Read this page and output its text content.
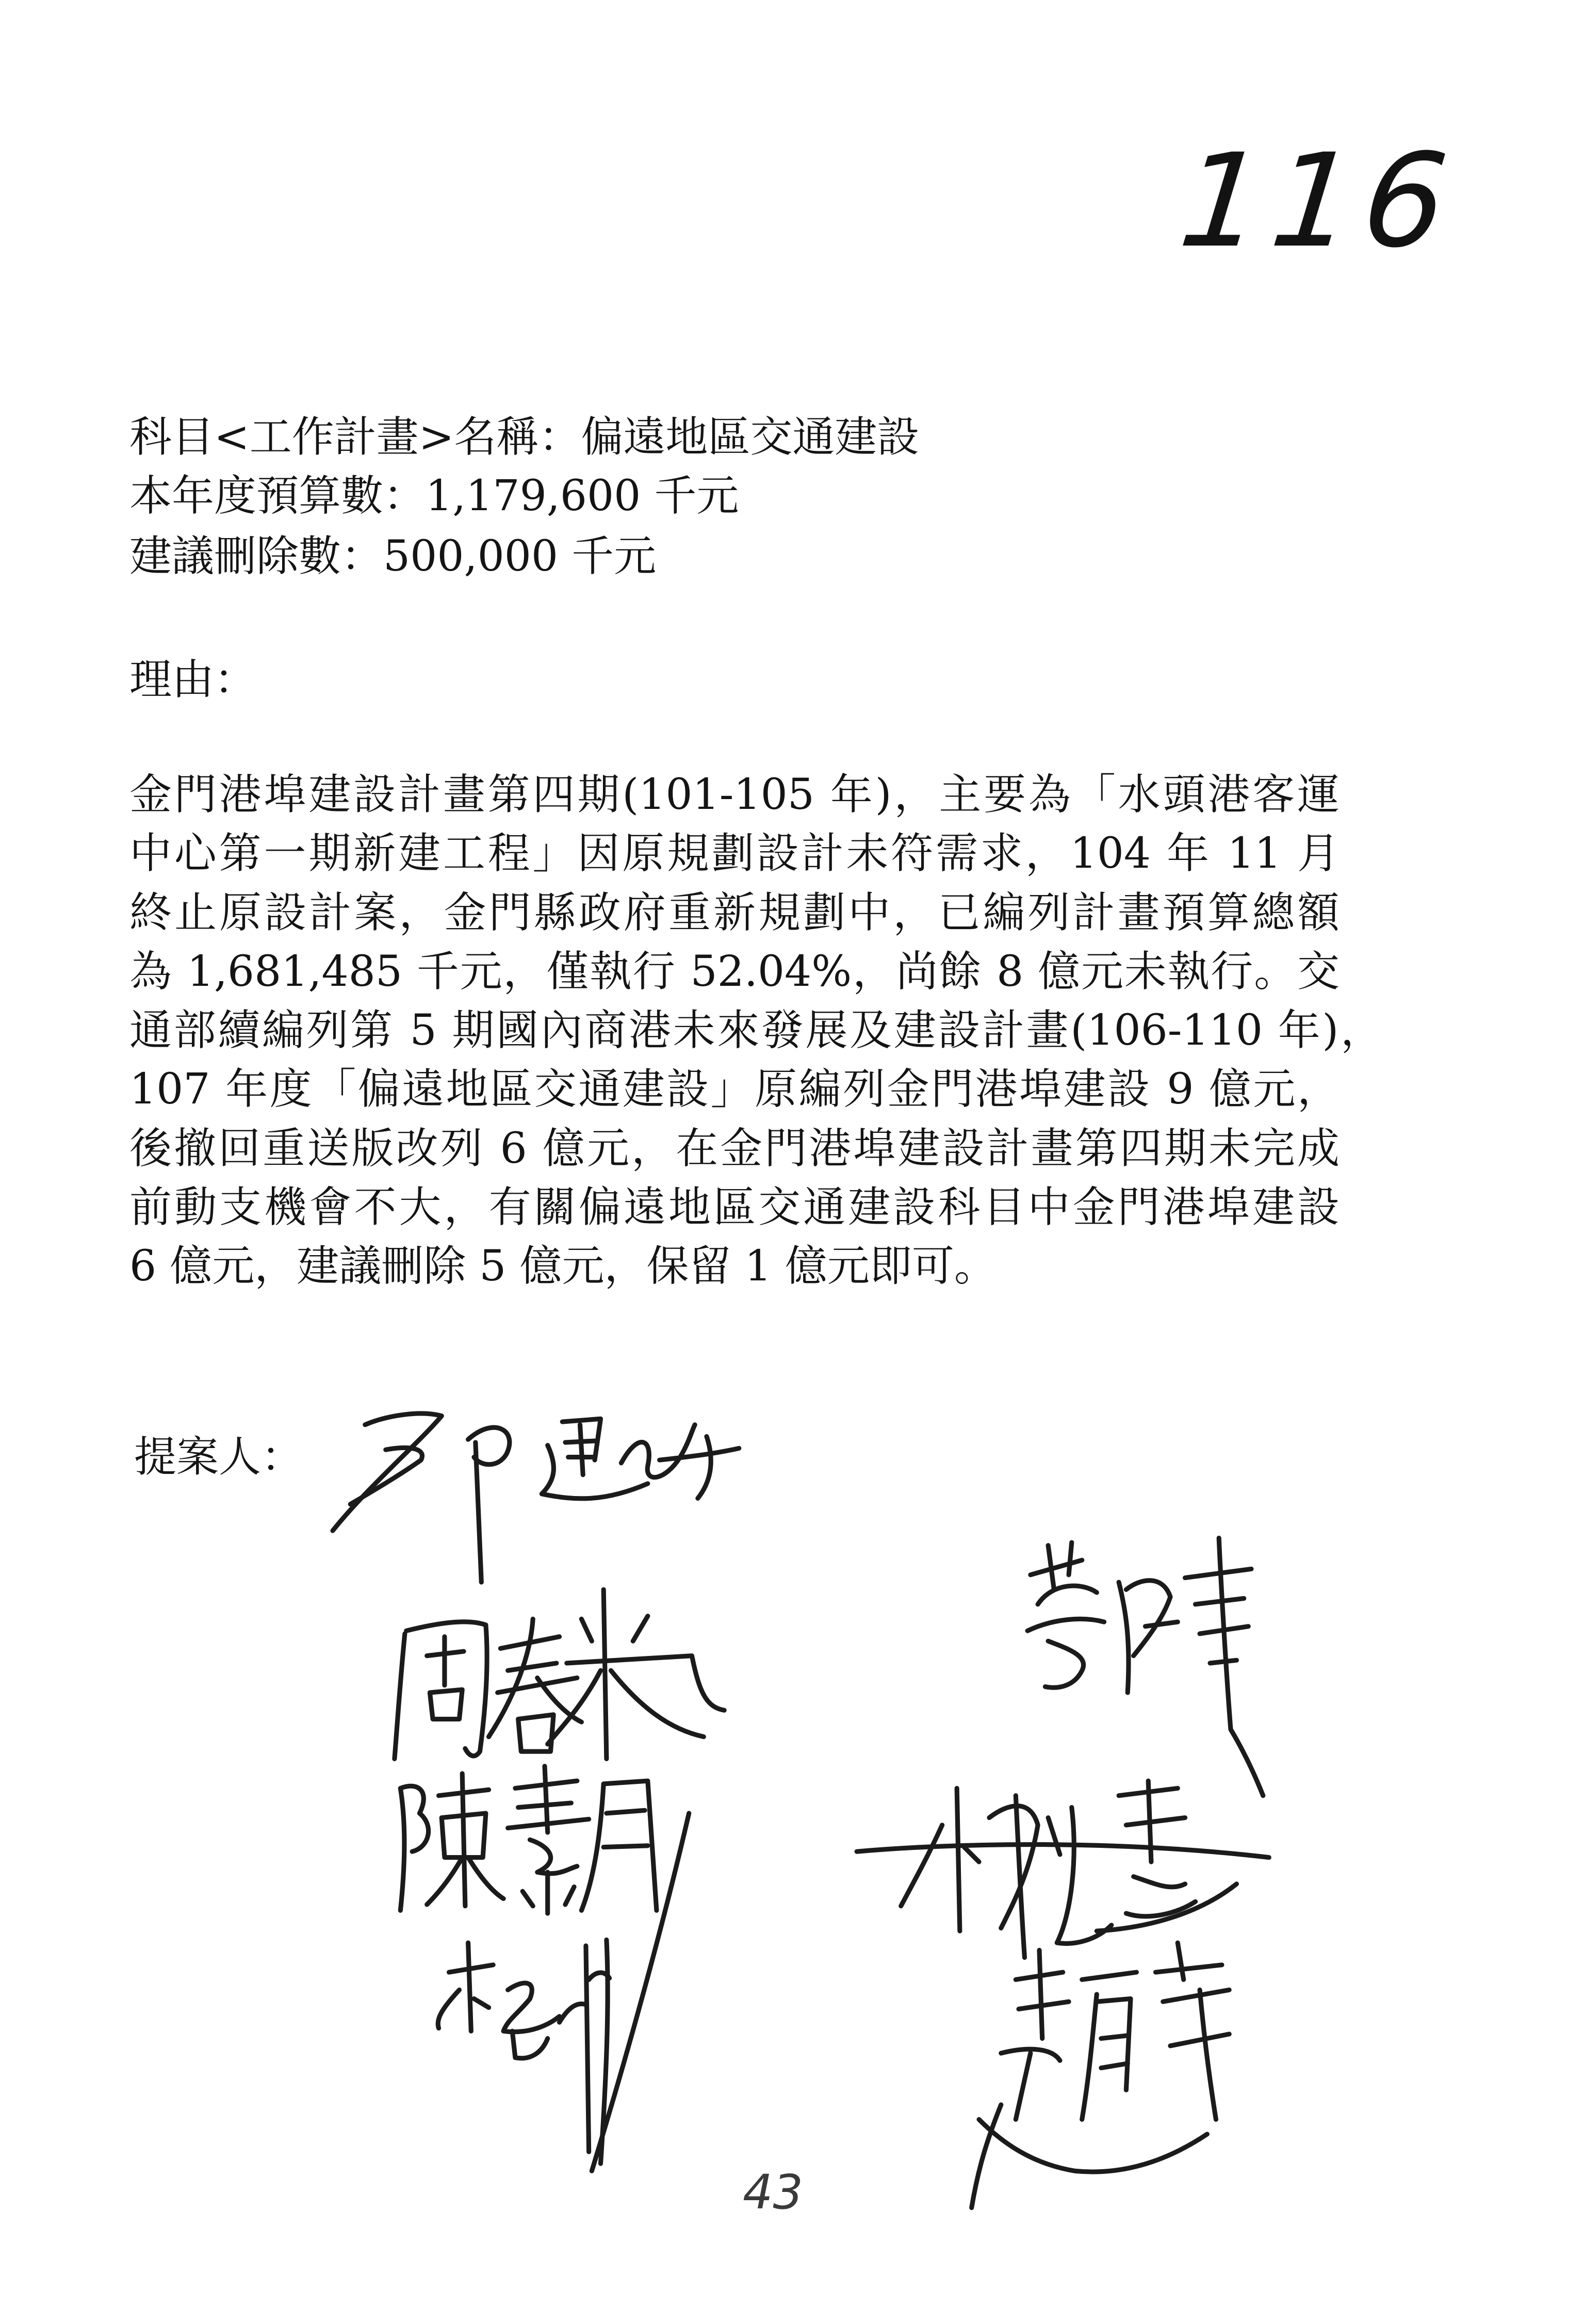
116
科目<工作計畫>名稱：偏遠地區交通建設
本年度預算數：1,179,600 千元
建議刪除數：500,000 千元
理由：
金門港埠建設計畫第四期(101-105 年)，主要為「水頭港客運
中心第一期新建工程」因原規劃設計未符需求，104 年 11 月
終止原設計案，金門縣政府重新規劃中，已編列計畫預算總額
為 1,681,485 千元，僅執行 52.04%，尚餘 8 億元未執行。交
通部續編列第 5 期國內商港未來發展及建設計畫(106-110 年)，
107 年度「偏遠地區交通建設」原編列金門港埠建設 9 億元，
後撤回重送版改列 6 億元，在金門港埠建設計畫第四期未完成
前動支機會不大，有關偏遠地區交通建設科目中金門港埠建設
6 億元，建議刪除 5 億元，保留 1 億元即可。
提案人：
43
